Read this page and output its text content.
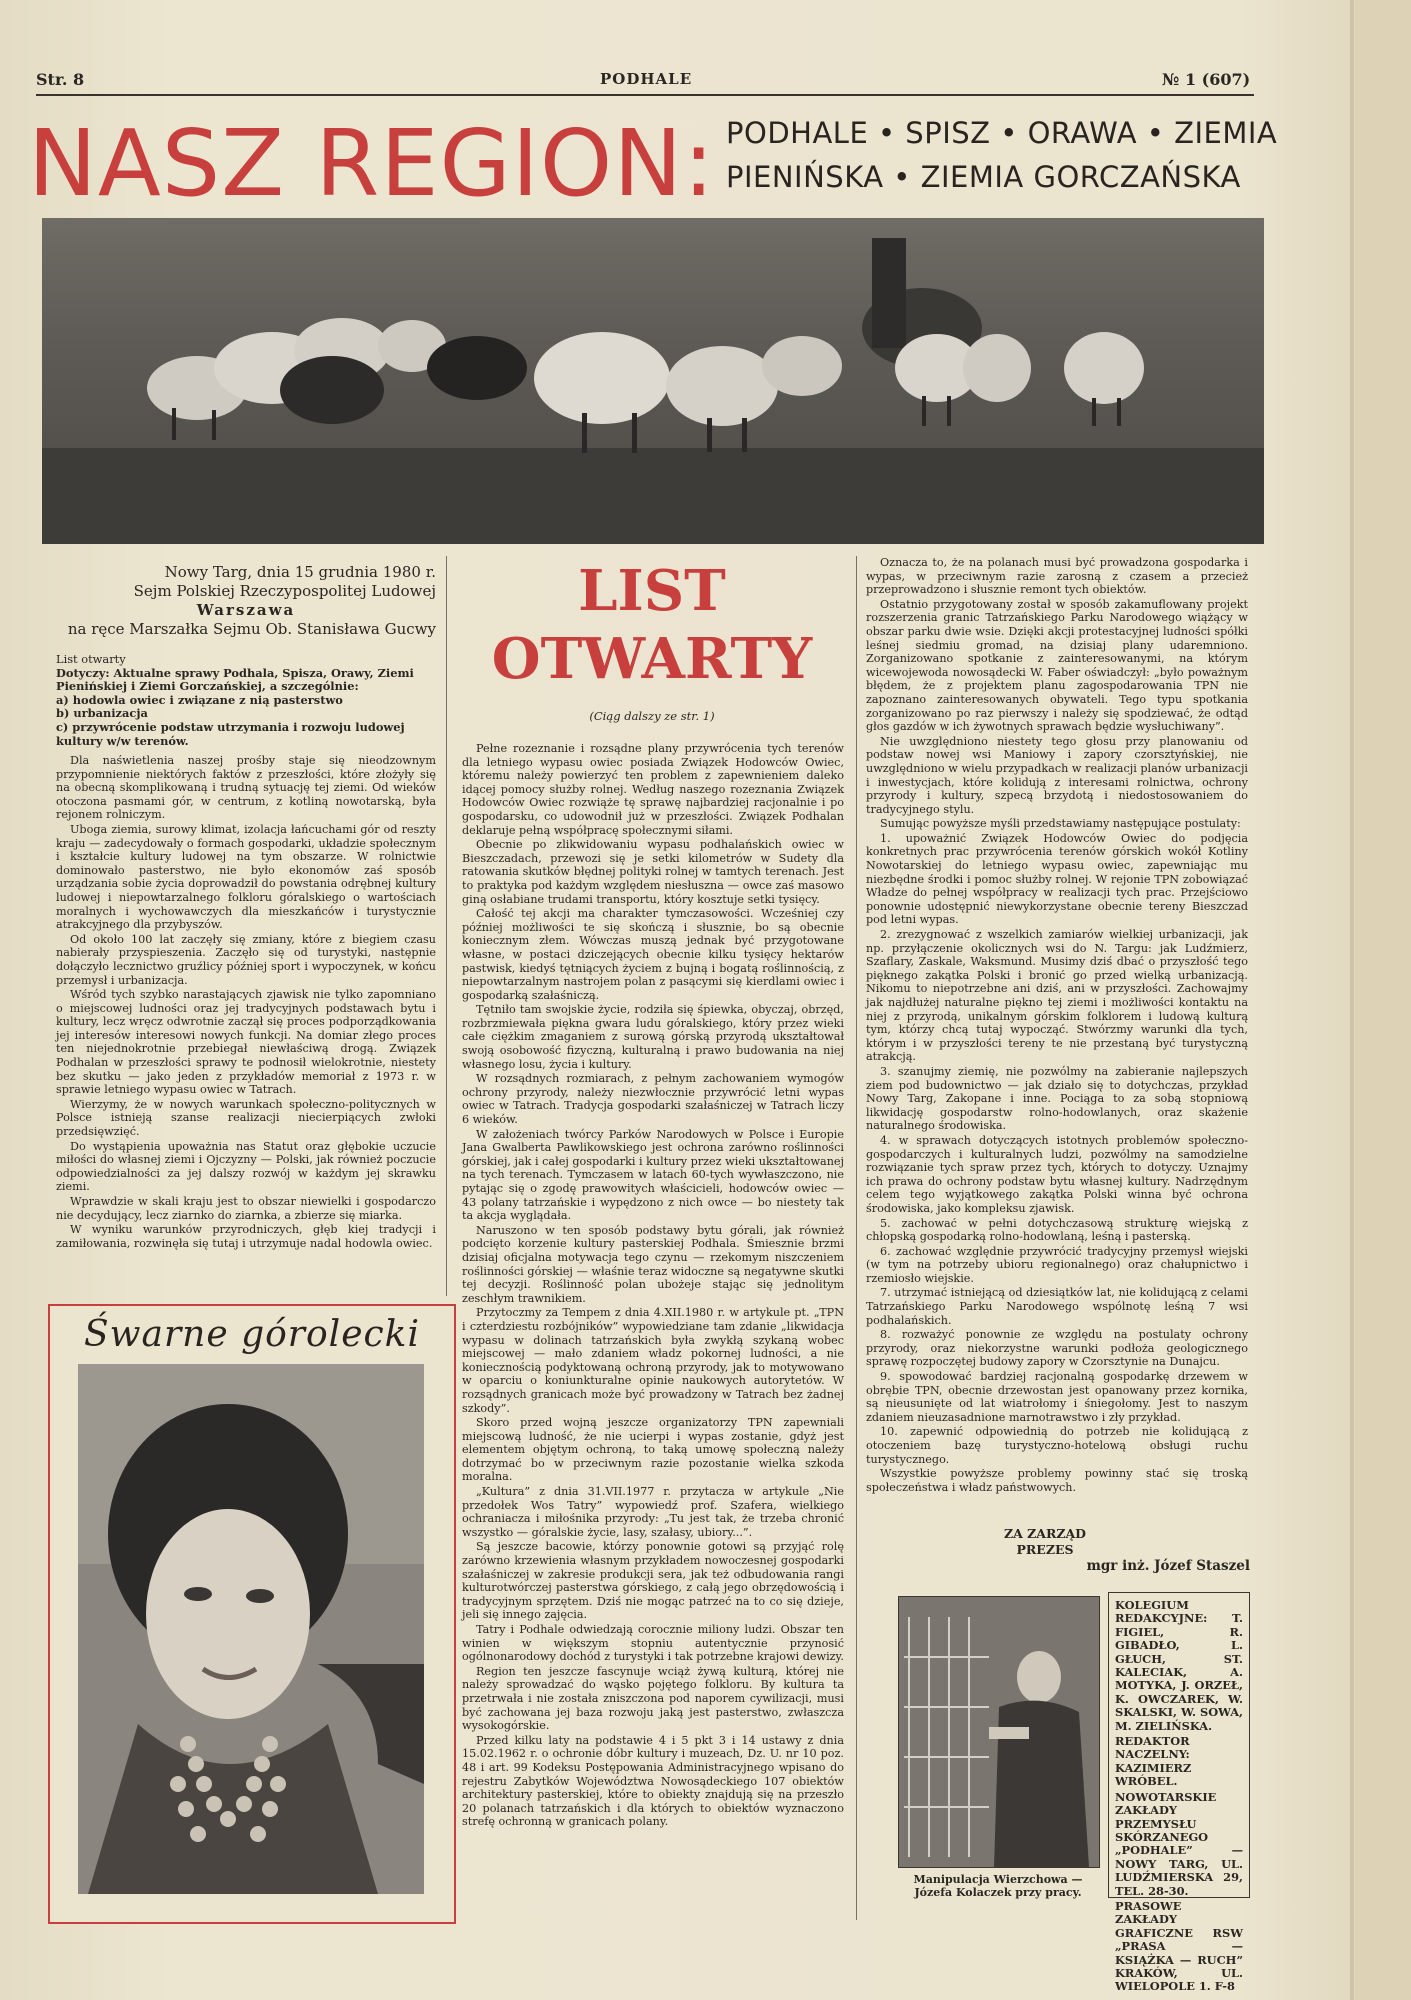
Str. 8	PODHALE	№ 1 (607)
NASZ REGION: PODHALE • SPISZ • ORAWA • ZIEMIA
PIENIŃSKA • ZIEMIA GORCZAŃSKA
Nowy Targ, dnia 15 grudnia 1980 r.
Sejm Polskiej Rzeczypospolitej Ludowej
Warszawa
na ręce Marszałka Sejmu Ob. Stanisława Gucwy
List otwarty
Dotyczy: Aktualne sprawy Podhala, Spisza, Orawy, Ziemi Pienińskiej i Ziemi Gorczańskiej, a szczególnie:
a) hodowla owiec i związane z nią pasterstwo
b) urbanizacja
c) przywrócenie podstaw utrzymania i rozwoju ludowej kultury w/w terenów.

Dla naświetlenia naszej prośby staje się nieodzownym przypomnienie niektórych faktów z przeszłości, które złożyły się na obecną skomplikowaną i trudną sytuację tej ziemi. Od wieków otoczona pasmami gór, w centrum, z kotliną nowotarską, była rejonem rolniczym.

Uboga ziemia, surowy klimat, izolacja łańcuchami gór od reszty kraju — zadecydowały o formach gospodarki, układzie społecznym i kształcie kultury ludowej na tym obszarze. W rolnictwie dominowało pasterstwo, nie było ekonomów zaś sposób urządzania sobie życia doprowadził do powstania odrębnej kultury ludowej i niepowtarzalnego folkloru góralskiego o wartościach moralnych i wychowawczych dla mieszkańców i turystycznie atrakcyjnego dla przybyszów.

Od około 100 lat zaczęły się zmiany, które z biegiem czasu nabierały przyspieszenia. Zaczęło się od turystyki, następnie dołączyło lecznictwo gruźlicy później sport i wypoczynek, w końcu przemysł i urbanizacja.

Wśród tych szybko narastających zjawisk nie tylko zapomniano o miejscowej ludności oraz jej tradycyjnych podstawach bytu i kultury, lecz wręcz odwrotnie zaczął się proces podporządkowania jej interesów interesowi nowych funkcji. Na domiar złego proces ten niejednokrotnie przebiegał niewłaściwą drogą. Związek Podhalan w przeszłości sprawy te podnosił wielokrotnie, niestety bez skutku — jako jeden z przykładów memoriał z 1973 r. w sprawie letniego wypasu owiec w Tatrach.

Wierzymy, że w nowych warunkach społeczno-politycznych w Polsce istnieją szanse realizacji niecierpiących zwłoki przedsięwzięć.

Do wystąpienia upoważnia nas Statut oraz głębokie uczucie miłości do własnej ziemi i Ojczyzny — Polski, jak również poczucie odpowiedzialności za jej dalszy rozwój w każdym jej skrawku ziemi.

Wprawdzie w skali kraju jest to obszar niewielki i gospodarczo nie decydujący, lecz ziarnko do ziarnka, a zbierze się miarka.

W wyniku warunków przyrodniczych, głęb kiej tradycji i zamiłowania, rozwinęła się tutaj i utrzymuje nadal hodowla owiec.

LIST
OTWARTY
(Ciąg dalszy ze str. 1)

Pełne rozeznanie i rozsądne plany przywrócenia tych terenów dla letniego wypasu owiec posiada Związek Hodowców Owiec, któremu należy powierzyć ten problem z zapewnieniem daleko idącej pomocy służby rolnej. Według naszego rozeznania Związek Hodowców Owiec rozwiąże tę sprawę najbardziej racjonalnie i po gospodarsku, co udowodnił już w przeszłości. Związek Podhalan deklaruje pełną współpracę społecznymi siłami.

Obecnie po zlikwidowaniu wypasu podhalańskich owiec w Bieszczadach, przewozi się je setki kilometrów w Sudety dla ratowania skutków błędnej polityki rolnej w tamtych terenach. Jest to praktyka pod każdym względem niesłuszna — owce zaś masowo giną osłabiane trudami transportu, który kosztuje setki tysięcy.

Całość tej akcji ma charakter tymczasowości. Wcześniej czy później możliwości te się skończą i słusznie, bo są obecnie koniecznym złem. Wówczas muszą jednak być przygotowane własne, w postaci dziczejących obecnie kilku tysięcy hektarów pastwisk, kiedyś tętniących życiem z bujną i bogatą roślinnością, z niepowtarzalnym nastrojem polan z pasącymi się kierdlami owiec i gospodarką szałaśniczą.

Tętniło tam swojskie życie, rodziła się śpiewka, obyczaj, obrzęd, rozbrzmiewała piękna gwara ludu góralskiego, który przez wieki całe ciężkim zmaganiem z surową górską przyrodą ukształtował swoją osobowość fizyczną, kulturalną i prawo budowania na niej własnego losu, życia i kultury.

W rozsądnych rozmiarach, z pełnym zachowaniem wymogów ochrony przyrody, należy niezwłocznie przywrócić letni wypas owiec w Tatrach. Tradycja gospodarki szałaśniczej w Tatrach liczy 6 wieków.

W założeniach twórcy Parków Narodowych w Polsce i Europie Jana Gwalberta Pawlikowskiego jest ochrona zarówno roślinności górskiej, jak i całej gospodarki i kultury przez wieki ukształtowanej na tych terenach. Tymczasem w latach 60-tych wywłaszczono, nie pytając się o zgodę prawowitych właścicieli, hodowców owiec — 43 polany tatrzańskie i wypędzono z nich owce — bo niestety tak ta akcja wyglądała.

Naruszono w ten sposób podstawy bytu górali, jak również podcięto korzenie kultury pasterskiej Podhala. Śmiesznie brzmi dzisiaj oficjalna motywacja tego czynu — rzekomym niszczeniem roślinności górskiej — właśnie teraz widoczne są negatywne skutki tej decyzji. Roślinność polan ubożeje stając się jednolitym zeschłym trawnikiem.

Przytoczmy za Tempem z dnia 4.XII.1980 r. w artykule pt. „TPN i czterdziestu rozbójników” wypowiedziane tam zdanie „likwidacja wypasu w dolinach tatrzańskich była zwykłą szykaną wobec miejscowej — mało zdaniem władz pokornej ludności, a nie koniecznością podyktowaną ochroną przyrody, jak to motywowano w oparciu o koniunkturalne opinie naukowych autorytetów. W rozsądnych granicach może być prowadzony w Tatrach bez żadnej szkody”.

Skoro przed wojną jeszcze organizatorzy TPN zapewniali miejscową ludność, że nie ucierpi i wypas zostanie, gdyż jest elementem objętym ochroną, to taką umowę społeczną należy dotrzymać bo w przeciwnym razie pozostanie wielka szkoda moralna.

„Kultura” z dnia 31.VII.1977 r. przytacza w artykule „Nie przedołek Wos Tatry” wypowiedź prof. Szafera, wielkiego ochraniacza i miłośnika przyrody: „Tu jest tak, że trzeba chronić wszystko — góralskie życie, lasy, szałasy, ubiory...”.

Są jeszcze bacowie, którzy ponownie gotowi są przyjąć rolę zarówno krzewienia własnym przykładem nowoczesnej gospodarki szałaśniczej w zakresie produkcji sera, jak też odbudowania rangi kulturotwórczej pasterstwa górskiego, z całą jego obrzędowością i tradycyjnym sprzętem. Dziś nie mogąc patrzeć na to co się dzieje, jeli się innego zajęcia.

Tatry i Podhale odwiedzają corocznie miliony ludzi. Obszar ten winien w większym stopniu autentycznie przynosić ogólnonarodowy dochód z turystyki i tak potrzebne krajowi dewizy.

Region ten jeszcze fascynuje wciąż żywą kulturą, której nie należy sprowadzać do wąsko pojętego folkloru. By kultura ta przetrwała i nie została zniszczona pod naporem cywilizacji, musi być zachowana jej baza rozwoju jaką jest pasterstwo, zwłaszcza wysokogórskie.

Przed kilku laty na podstawie 4 i 5 pkt 3 i 14 ustawy z dnia 15.02.1962 r. o ochronie dóbr kultury i muzeach, Dz. U. nr 10 poz. 48 i art. 99 Kodeksu Postępowania Administracyjnego wpisano do rejestru Zabytków Województwa Nowosądeckiego 107 obiektów architektury pasterskiej, które to obiekty znajdują się na przeszło 20 polanach tatrzańskich i dla których to obiektów wyznaczono strefę ochronną w granicach polany.

Oznacza to, że na polanach musi być prowadzona gospodarka i wypas, w przeciwnym razie zarosną z czasem a przecież przeprowadzono i słusznie remont tych obiektów.

Ostatnio przygotowany został w sposób zakamuflowany projekt rozszerzenia granic Tatrzańskiego Parku Narodowego wiążący w obszar parku dwie wsie. Dzięki akcji protestacyjnej ludności spółki leśnej siedmiu gromad, na dzisiaj plany udaremniono. Zorganizowano spotkanie z zainteresowanymi, na którym wicewojewoda nowosądecki W. Faber oświadczył: „było poważnym błędem, że z projektem planu zagospodarowania TPN nie zapoznano zainteresowanych obywateli. Tego typu spotkania zorganizowano po raz pierwszy i należy się spodziewać, że odtąd głos gazdów w ich żywotnych sprawach będzie wysłuchiwany”.

Nie uwzględniono niestety tego głosu przy planowaniu od podstaw nowej wsi Maniowy i zapory czorsztyńskiej, nie uwzględniono w wielu przypadkach w realizacji planów urbanizacji i inwestycjach, które kolidują z interesami rolnictwa, ochrony przyrody i kultury, szpecą brzydotą i niedostosowaniem do tradycyjnego stylu.

Sumując powyższe myśli przedstawiamy następujące postulaty:

1. upoważnić Związek Hodowców Owiec do podjęcia konkretnych prac przywrócenia terenów górskich wokół Kotliny Nowotarskiej do letniego wypasu owiec, zapewniając mu niezbędne środki i pomoc służby rolnej. W rejonie TPN zobowiązać Władze do pełnej współpracy w realizacji tych prac. Przejściowo ponownie udostępnić niewykorzystane obecnie tereny Bieszczad pod letni wypas.

2. zrezygnować z wszelkich zamiarów wielkiej urbanizacji, jak np. przyłączenie okolicznych wsi do N. Targu: jak Ludźmierz, Szaflary, Zaskale, Waksmund. Musimy dziś dbać o przyszłość tego pięknego zakątka Polski i bronić go przed wielką urbanizacją. Nikomu to niepotrzebne ani dziś, ani w przyszłości. Zachowajmy jak najdłużej naturalne piękno tej ziemi i możliwości kontaktu na niej z przyrodą, unikalnym górskim folklorem i ludową kulturą tym, którzy chcą tutaj wypocząć. Stwórzmy warunki dla tych, którym i w przyszłości tereny te nie przestaną być turystyczną atrakcją.

3. szanujmy ziemię, nie pozwólmy na zabieranie najlepszych ziem pod budownictwo — jak działo się to dotychczas, przykład Nowy Targ, Zakopane i inne. Pociąga to za sobą stopniową likwidację gospodarstw rolno-hodowlanych, oraz skażenie naturalnego środowiska.

4. w sprawach dotyczących istotnych problemów społeczno-gospodarczych i kulturalnych ludzi, pozwólmy na samodzielne rozwiązanie tych spraw przez tych, których to dotyczy. Uznajmy ich prawa do ochrony podstaw bytu własnej kultury. Nadrzędnym celem tego wyjątkowego zakątka Polski winna być ochrona środowiska, jako kompleksu zjawisk.

5. zachować w pełni dotychczasową strukturę wiejską z chłopską gospodarką rolno-hodowlaną, leśną i pasterską.

6. zachować względnie przywrócić tradycyjny przemysł wiejski (w tym na potrzeby ubioru regionalnego) oraz chałupnictwo i rzemiosło wiejskie.

7. utrzymać istniejącą od dziesiątków lat, nie kolidującą z celami Tatrzańskiego Parku Narodowego wspólnotę leśną 7 wsi podhalańskich.

8. rozważyć ponownie ze względu na postulaty ochrony przyrody, oraz niekorzystne warunki podłoża geologicznego sprawę rozpoczętej budowy zapory w Czorsztynie na Dunajcu.

9. spowodować bardziej racjonalną gospodarkę drzewem w obrębie TPN, obecnie drzewostan jest opanowany przez kornika, są nieusunięte od lat wiatrołomy i śniegołomy. Jest to naszym zdaniem nieuzasadnione marnotrawstwo i zły przykład.

10. zapewnić odpowiednią do potrzeb nie kolidującą z otoczeniem bazę turystyczno-hotelową obsługi ruchu turystycznego.

Wszystkie powyższe problemy powinny stać się troską społeczeństwa i władz państwowych.

ZA ZARZĄD
PREZES
mgr inż. Józef Staszel
Śwarne górolecki
Manipulacja Wierzchowa — Józefa Kolaczek przy pracy.

KOLEGIUM REDAKCYJNE: T. FIGIEL, R. GIBADŁO, L. GŁUCH, ST. KALECIAK, A. MOTYKA, J. ORZEŁ, K. OWCZAREK, W. SKALSKI, W. SOWA, M. ZIELIŃSKA.

REDAKTOR NACZELNY: KAZIMIERZ WRÓBEL.

NOWOTARSKIE ZAKŁADY PRZEMYSŁU SKÓRZANEGO „PODHALE” — NOWY TARG, UL. LUDŹMIERSKA 29, TEL. 28-30.

PRASOWE ZAKŁADY GRAFICZNE RSW „PRASA — KSIĄŻKA — RUCH” KRAKÓW, UL. WIELOPOLE 1. F-8
